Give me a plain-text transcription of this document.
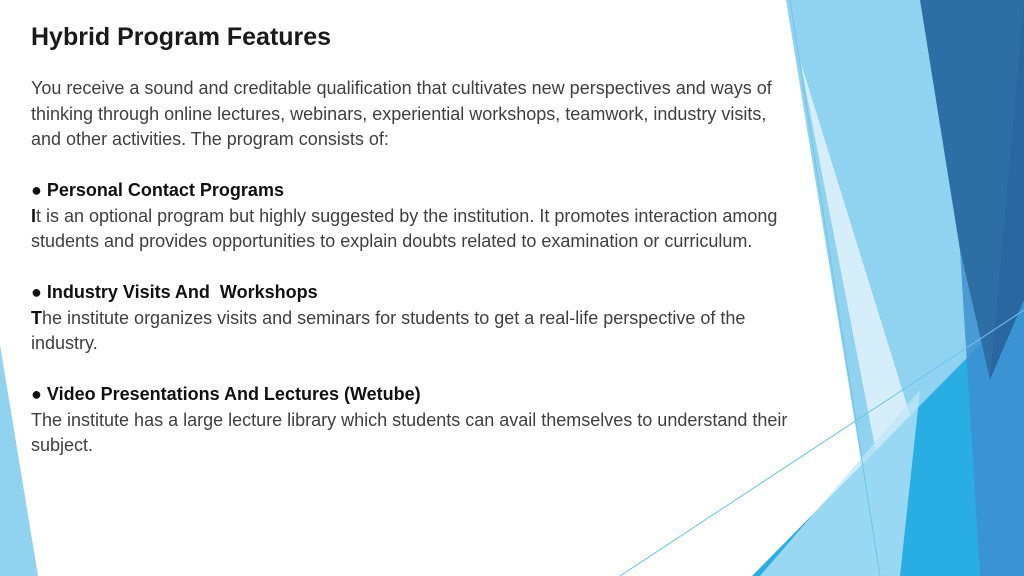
Hybrid Program Features

You receive a sound and creditable qualification that cultivates new perspectives and ways of thinking through online lectures, webinars, experiential workshops, teamwork, industry visits, and other activities. The program consists of:

● Personal Contact Programs

It is an optional program but highly suggested by the institution. It promotes interaction among students and provides opportunities to explain doubts related to examination or curriculum.

● Industry Visits And  Workshops

The institute organizes visits and seminars for students to get a real-life perspective of the industry.

● Video Presentations And Lectures (Wetube)

The institute has a large lecture library which students can avail themselves to understand their subject.
